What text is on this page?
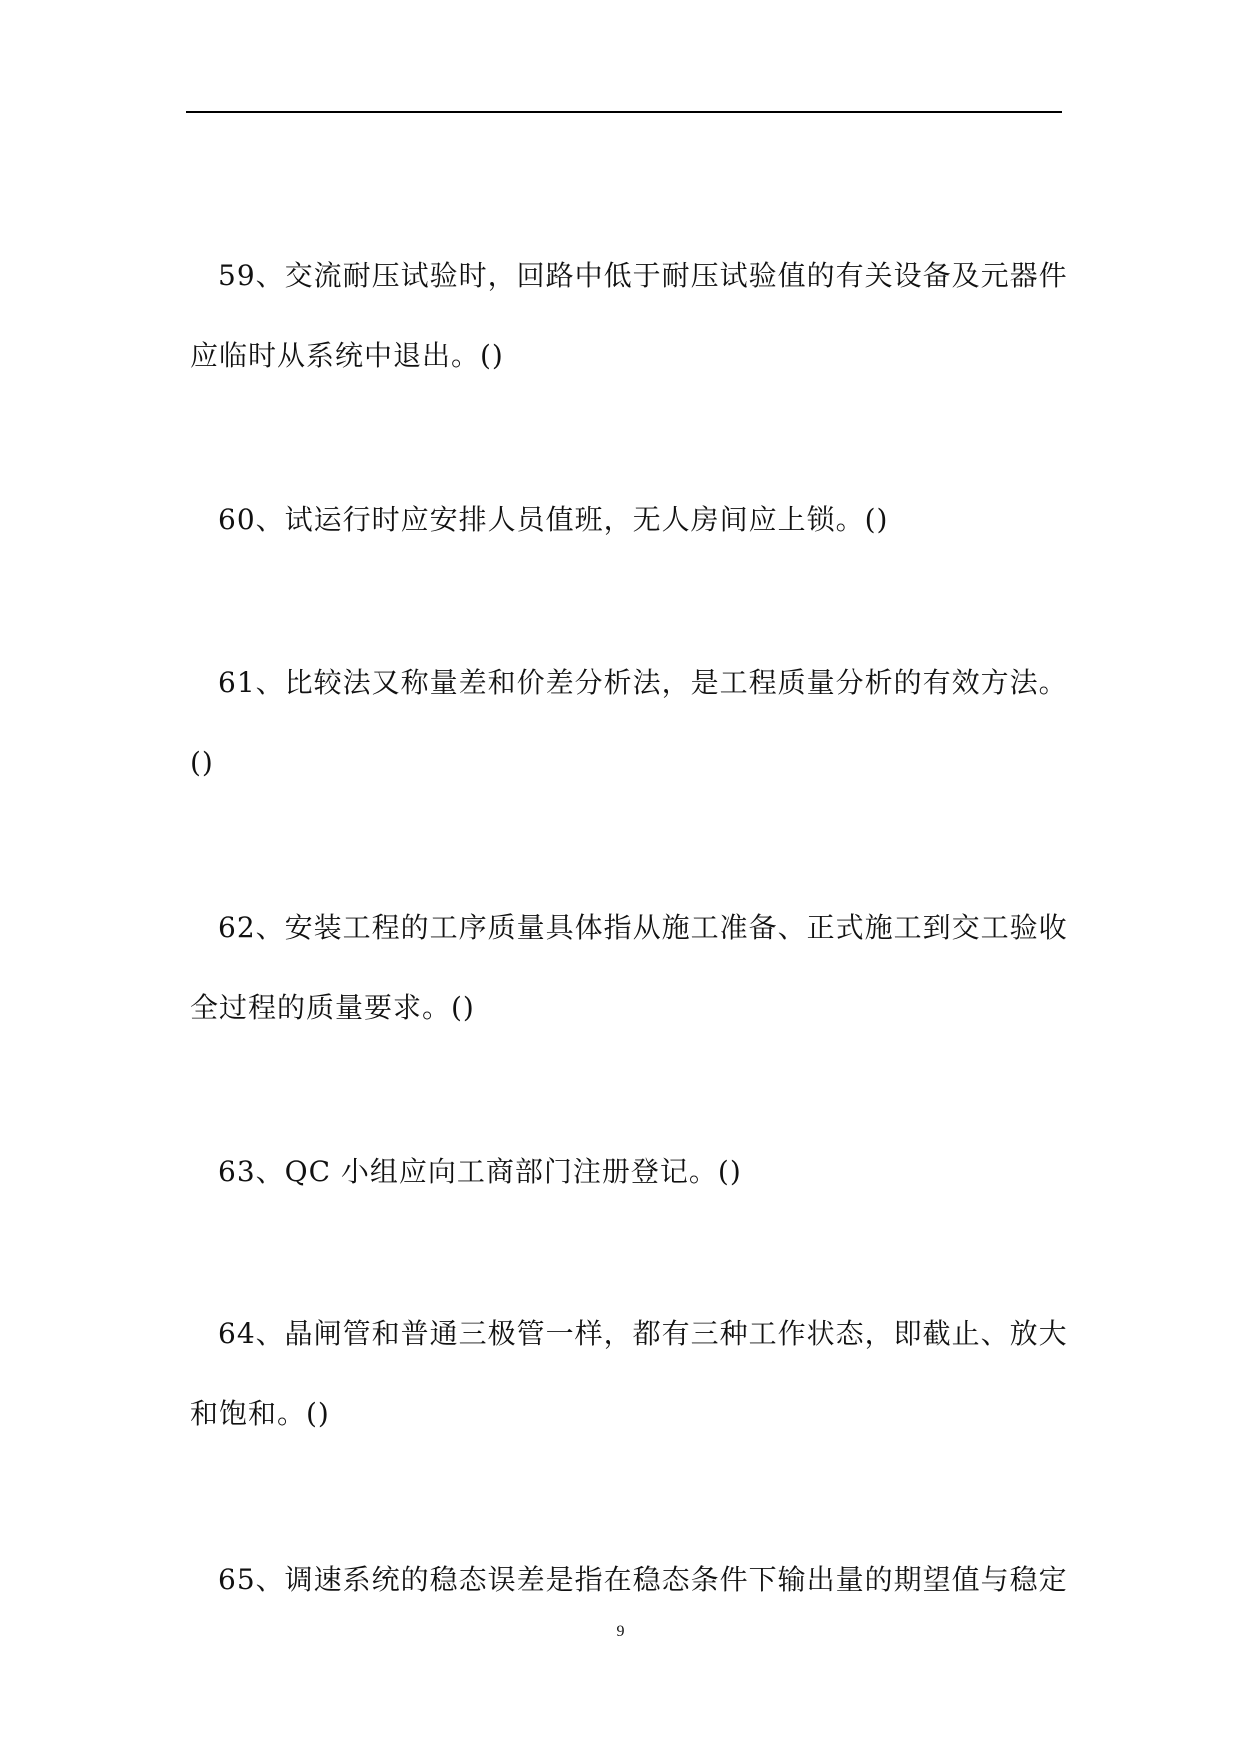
59、交流耐压试验时，回路中低于耐压试验值的有关设备及元器件
应临时从系统中退出。()
60、试运行时应安排人员值班，无人房间应上锁。()
61、比较法又称量差和价差分析法，是工程质量分析的有效方法。
()
62、安装工程的工序质量具体指从施工准备、正式施工到交工验收
全过程的质量要求。()
63、QC 小组应向工商部门注册登记。()
64、晶闸管和普通三极管一样，都有三种工作状态，即截止、放大
和饱和。()
65、调速系统的稳态误差是指在稳态条件下输出量的期望值与稳定
9
